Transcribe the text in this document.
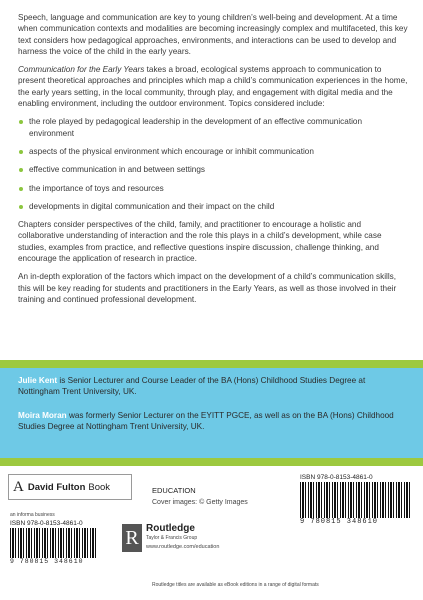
Speech, language and communication are key to young children’s well-being and development. At a time when communication contexts and modalities are becoming increasingly complex and multifaceted, this key text considers how pedagogical approaches, environments, and interactions can be used to develop and harness the voice of the child in the early years.

Communication for the Early Years takes a broad, ecological systems approach to communication to present theoretical approaches and principles which map a child’s communication experiences in the home, the early years setting, in the local community, through play, and engagement with digital media and the enabling environment, including the outdoor environment. Topics considered include:

the role played by pedagogical leadership in the development of an effective communication environment
aspects of the physical environment which encourage or inhibit communication
effective communication in and between settings
the importance of toys and resources
developments in digital communication and their impact on the child

Chapters consider perspectives of the child, family, and practitioner to encourage a holistic and collaborative understanding of interaction and the role this plays in a child’s development, while case studies, examples from practice, and reflective questions inspire discussion, challenge thinking, and encourage the application of research in practice.

An in-depth exploration of the factors which impact on the development of a child’s communication skills, this will be key reading for students and practitioners in the Early Years, as well as those involved in their training and continued professional development.

Julie Kent is Senior Lecturer and Course Leader of the BA (Hons) Childhood Studies Degree at Nottingham Trent University, UK.
Moira Moran was formerly Senior Lecturer on the EYITT PGCE, as well as on the BA (Hons) Childhood Studies Degree at Nottingham Trent University, UK.
A David Fulton Book
an informa business
ISBN 978-0-8153-4861-0
9 780815 348610
EDUCATION
Cover images: © Getty Images
R Routledge
Taylor & Francis Group
www.routledge.com/education
ISBN 978-0-8153-4861-0
9 780815 348610
Routledge titles are available as eBook editions in a range of digital formats
